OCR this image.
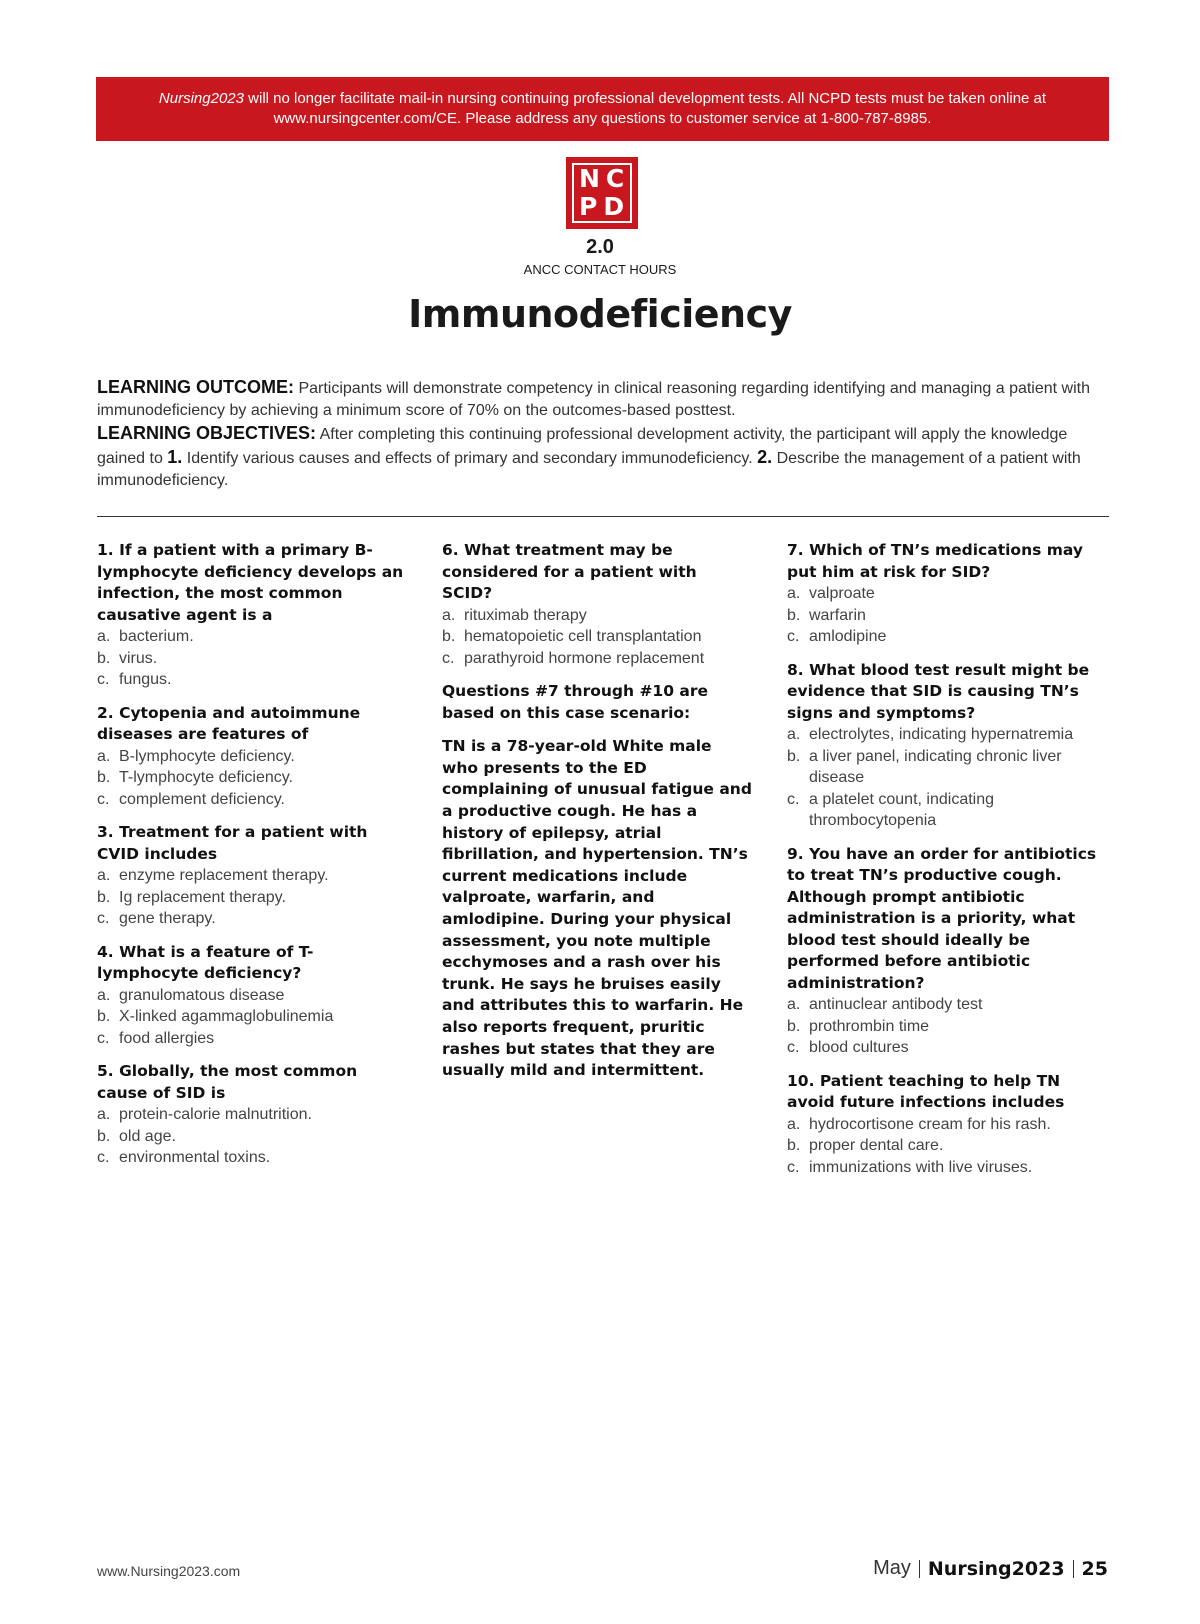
Nursing2023 will no longer facilitate mail-in nursing continuing professional development tests. All NCPD tests must be taken online at
www.nursingcenter.com/CE. Please address any questions to customer service at 1-800-787-8985.
NC
PD
2.0
ANCC CONTACT HOURS
Immunodeficiency
LEARNING OUTCOME: Participants will demonstrate competency in clinical reasoning regarding identifying and managing a patient with immunodeficiency by achieving a minimum score of 70% on the outcomes-based posttest.
LEARNING OBJECTIVES: After completing this continuing professional development activity, the participant will apply the knowledge gained to 1. Identify various causes and effects of primary and secondary immunodeficiency. 2. Describe the management of a patient with immunodeficiency.
1. If a patient with a primary B-lymphocyte deficiency develops an infection, the most common causative agent is a
a. bacterium.
b. virus.
c. fungus.
2. Cytopenia and autoimmune diseases are features of
a. B-lymphocyte deficiency.
b. T-lymphocyte deficiency.
c. complement deficiency.
3. Treatment for a patient with CVID includes
a. enzyme replacement therapy.
b. Ig replacement therapy.
c. gene therapy.
4. What is a feature of T-lymphocyte deficiency?
a. granulomatous disease
b. X-linked agammaglobulinemia
c. food allergies
5. Globally, the most common cause of SID is
a. protein-calorie malnutrition.
b. old age.
c. environmental toxins.
6. What treatment may be considered for a patient with SCID?
a. rituximab therapy
b. hematopoietic cell transplantation
c. parathyroid hormone replacement
Questions #7 through #10 are based on this case scenario:
TN is a 78-year-old White male who presents to the ED complaining of unusual fatigue and a productive cough. He has a history of epilepsy, atrial fibrillation, and hypertension. TN’s current medications include valproate, warfarin, and amlodipine. During your physical assessment, you note multiple ecchymoses and a rash over his trunk. He says he bruises easily and attributes this to warfarin. He also reports frequent, pruritic rashes but states that they are usually mild and intermittent.
7. Which of TN’s medications may put him at risk for SID?
a. valproate
b. warfarin
c. amlodipine
8. What blood test result might be evidence that SID is causing TN’s signs and symptoms?
a. electrolytes, indicating hypernatremia
b. a liver panel, indicating chronic liver disease
c. a platelet count, indicating thrombocytopenia
9. You have an order for antibiotics to treat TN’s productive cough. Although prompt antibiotic administration is a priority, what blood test should ideally be performed before antibiotic administration?
a. antinuclear antibody test
b. prothrombin time
c. blood cultures
10. Patient teaching to help TN avoid future infections includes
a. hydrocortisone cream for his rash.
b. proper dental care.
c. immunizations with live viruses.
www.Nursing2023.com	May Nursing2023 25
